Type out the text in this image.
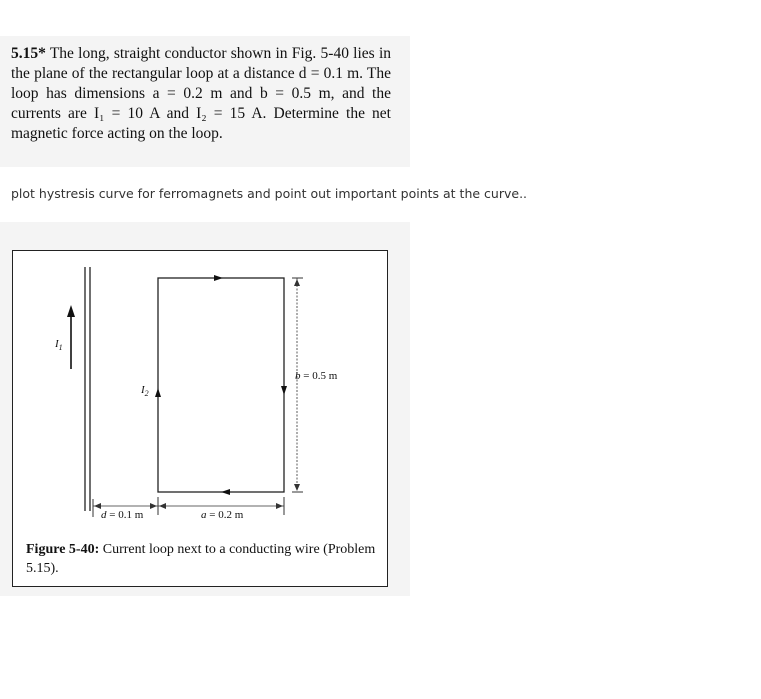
5.15* The long, straight conductor shown in Fig. 5-40 lies in the plane of the rectangular loop at a distance d = 0.1 m. The loop has dimensions a = 0.2 m and b = 0.5 m, and the currents are I₁ = 10 A and I₂ = 15 A. Determine the net magnetic force acting on the loop.

plot hystresis curve for ferromagnets and point out important points at the curve..
$I_1$
$I_2$
b = 0.5 m
d = 0.1 m	a = 0.2 m
Figure 5-40: Current loop next to a conducting wire (Problem 5.15).
